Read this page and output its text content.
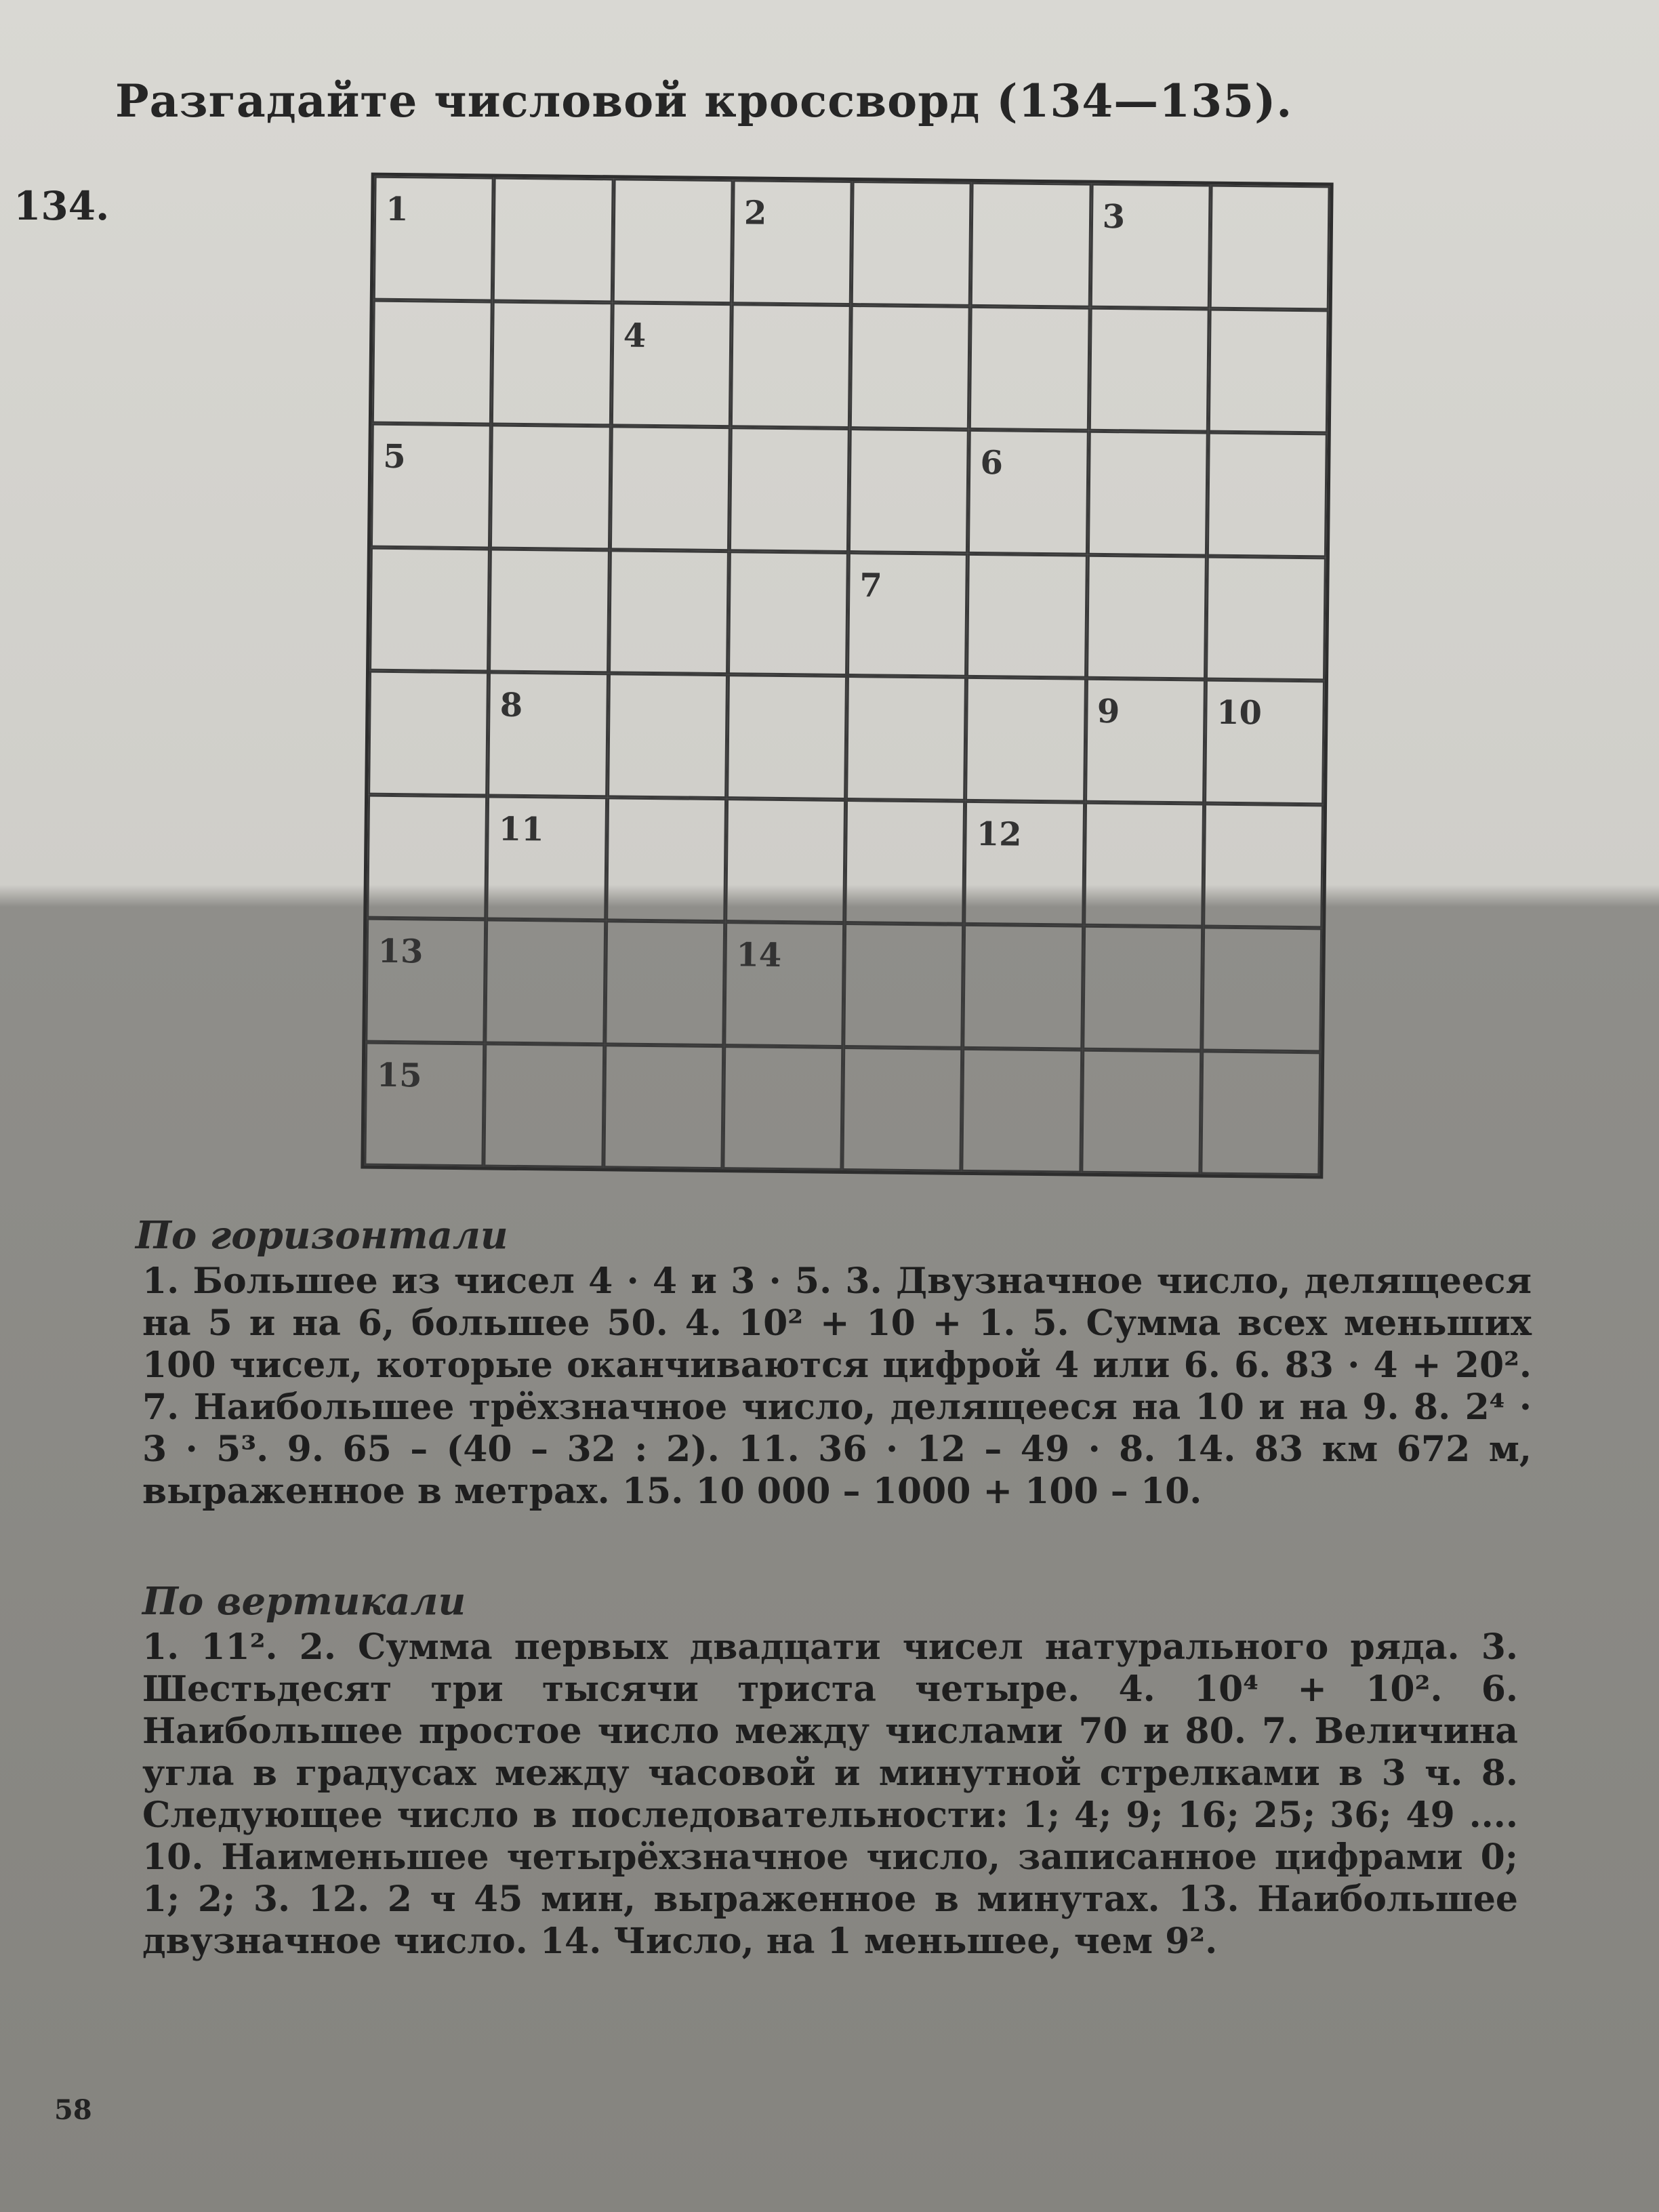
Разгадайте числовой кроссворд (134—135).
134.	1	2	3
4
5	6
7
8	9	10
11	12
13	14
15
По горизонтали
1. Большее из чисел 4 · 4 и 3 · 5. 3. Двузначное число, делящееся на 5 и на 6, большее 50. 4. 10² + 10 + 1. 5. Сумма всех меньших 100 чисел, которые оканчиваются цифрой 4 или 6. 6. 83 · 4 + 20². 7. Наибольшее трёхзначное число, делящееся на 10 и на 9. 8. 2⁴ · 3 · 5³. 9. 65 – (40 – 32 : 2). 11. 36 · 12 – 49 · 8. 14. 83 км 672 м, выраженное в метрах. 15. 10 000 – 1000 + 100 – 10.
По вертикали
1. 11². 2. Сумма первых двадцати чисел натурального ряда. 3. Шестьдесят три тысячи триста четыре. 4. 10⁴ + 10². 6. Наибольшее простое число между числами 70 и 80. 7. Величина угла в градусах между часовой и минутной стрелками в 3 ч. 8. Следующее число в последовательности: 1; 4; 9; 16; 25; 36; 49 .... 10. Наименьшее четырёхзначное число, записанное цифрами 0; 1; 2; 3. 12. 2 ч 45 мин, выраженное в минутах. 13. Наибольшее двузначное число. 14. Число, на 1 меньшее, чем 9².
58
